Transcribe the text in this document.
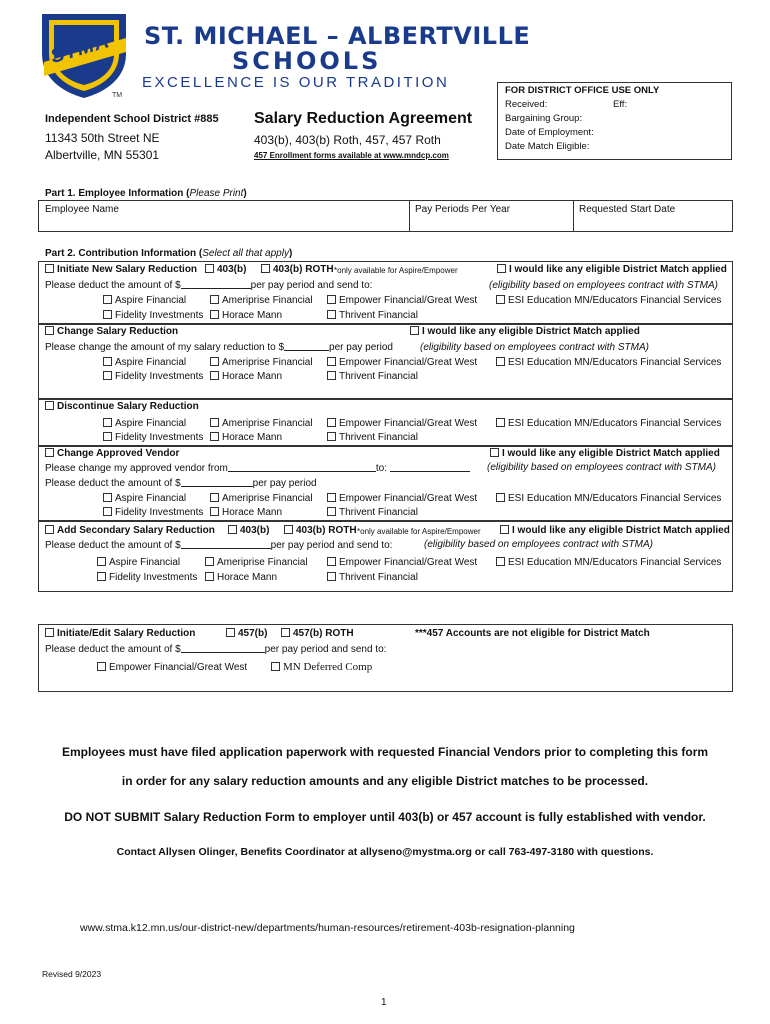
STMA
TM
ST. MICHAEL – ALBERTVILLE
SCHOOLS
EXCELLENCE IS OUR TRADITION
Independent School District #885
11343 50th Street NE
Albertville, MN 55301
Salary Reduction Agreement
403(b), 403(b) Roth, 457, 457 Roth
457 Enrollment forms available at www.mndcp.com
FOR DISTRICT OFFICE USE ONLY
Received:	Eff:
Bargaining Group:
Date of Employment:
Date Match Eligible:
Part 1. Employee Information (Please Print)
Employee Name	Pay Periods Per Year	Requested Start Date
Part 2. Contribution Information (Select all that apply)
Initiate New Salary Reduction	403(b)	403(b) ROTH *only available for Aspire/Empower	I would like any eligible District Match applied
Please deduct the amount of $	per pay period and send to:	(eligibility based on employees contract with STMA)
Aspire Financial	Ameriprise Financial	Empower Financial/Great West	ESI Education MN/Educators Financial Services
Fidelity Investments	Horace Mann	Thrivent Financial
Change Salary Reduction	I would like any eligible District Match applied
Please change the amount of my salary reduction to $	per pay period	(eligibility based on employees contract with STMA)
Aspire Financial	Ameriprise Financial	Empower Financial/Great West	ESI Education MN/Educators Financial Services
Fidelity Investments	Horace Mann	Thrivent Financial
Discontinue Salary Reduction
Aspire Financial	Ameriprise Financial	Empower Financial/Great West	ESI Education MN/Educators Financial Services
Fidelity Investments	Horace Mann	Thrivent Financial
Change Approved Vendor	I would like any eligible District Match applied
Please change my approved vendor from	to:	(eligibility based on employees contract with STMA)
Please deduct the amount of $	per pay period
Aspire Financial	Ameriprise Financial	Empower Financial/Great West	ESI Education MN/Educators Financial Services
Fidelity Investments	Horace Mann	Thrivent Financial
Add Secondary Salary Reduction	403(b)	403(b) ROTH *only available for Aspire/Empower	I would like any eligible District Match applied
Please deduct the amount of $	per pay period and send to:	(eligibility based on employees contract with STMA)
Aspire Financial	Ameriprise Financial	Empower Financial/Great West	ESI Education MN/Educators Financial Services
Fidelity Investments	Horace Mann	Thrivent Financial
Initiate/Edit Salary Reduction	457(b)	457(b) ROTH	***457 Accounts are not eligible for District Match
Please deduct the amount of $	per pay period and send to:
Empower Financial/Great West	MN Deferred Comp
Employees must have filed application paperwork with requested Financial Vendors prior to completing this form
in order for any salary reduction amounts and any eligible District matches to be processed.
DO NOT SUBMIT Salary Reduction Form to employer until 403(b) or 457 account is fully established with vendor.
Contact Allysen Olinger, Benefits Coordinator at allyseno@mystma.org or call 763-497-3180 with questions.
www.stma.k12.mn.us/our-district-new/departments/human-resources/retirement-403b-resignation-planning
Revised 9/2023
1
